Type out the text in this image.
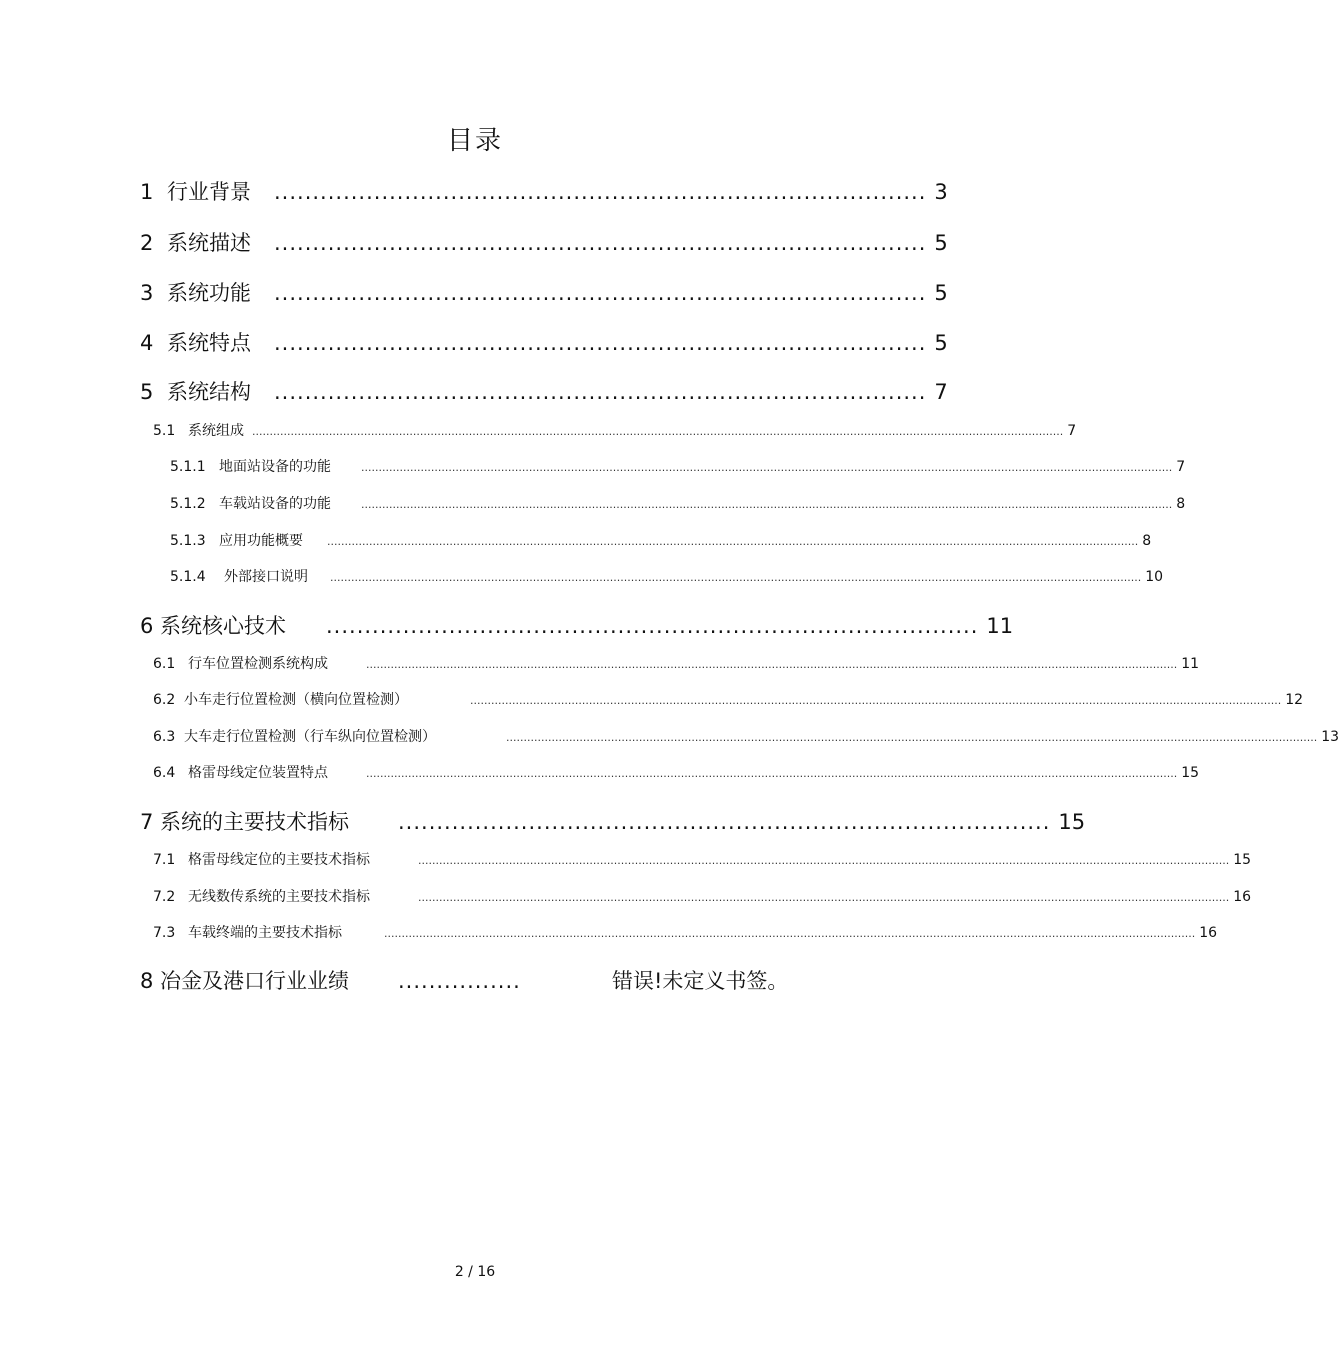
目录
1 行业背景	..................................................................................... 3
2 系统描述	..................................................................................... 5
3 系统功能	..................................................................................... 5
4 系统特点	..................................................................................... 5
5 系统结构	..................................................................................... 7
5.1 系统组成 ........................................................................................................................................................................................................................................ 7
5.1.1 地面站设备的功能	........................................................................................................................................................................................................................................ 7
5.1.2 车载站设备的功能	........................................................................................................................................................................................................................................ 8
5.1.3 应用功能概要	........................................................................................................................................................................................................................................ 8
5.1.4	外部接口说明	........................................................................................................................................................................................................................................ 10
6 系统核心技术	..................................................................................... 11
6.1 行车位置检测系统构成	........................................................................................................................................................................................................................................ 11
6.2 小车走行位置检测（横向位置检测）	........................................................................................................................................................................................................................................ 12
6.3 大车走行位置检测（行车纵向位置检测）	........................................................................................................................................................................................................................................ 13
6.4 格雷母线定位装置特点	........................................................................................................................................................................................................................................ 15
7 系统的主要技术指标	..................................................................................... 15
7.1 格雷母线定位的主要技术指标	........................................................................................................................................................................................................................................ 15
7.2 无线数传系统的主要技术指标	........................................................................................................................................................................................................................................ 16
7.3 车载终端的主要技术指标	........................................................................................................................................................................................................................................ 16
8 冶金及港口行业业绩	................	错误!未定义书签。
2 / 16
